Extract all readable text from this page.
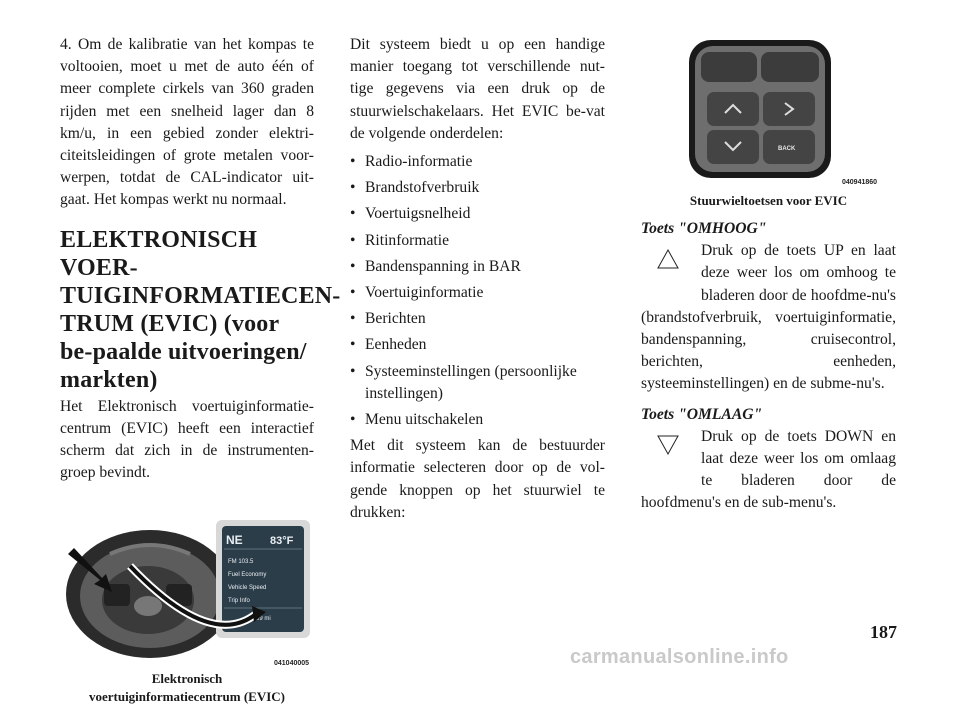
4. Om de kalibratie van het kompas te voltooien, moet u met de auto één of meer complete cirkels van 360 graden rijden met een snelheid lager dan 8 km/u, in een gebied zonder elektri-citeitsleidingen of grote metalen voor-werpen, totdat de CAL-indicator uit-gaat. Het kompas werkt nu normaal.

ELEKTRONISCH VOER-TUIGINFORMATIECEN-TRUM (EVIC) (voor be-paalde uitvoeringen/ markten)

Het Elektronisch voertuiginformatie-centrum (EVIC) heeft een interactief scherm dat zich in de instrumenten-groep bevindt.

NE 83°F
FM 103.5
Fuel Economy
Vehicle Speed
Trip Info
58789 mi
041040005
Elektronisch
voertuiginformatiecentrum (EVIC)

Dit systeem biedt u op een handige manier toegang tot verschillende nut-tige gegevens via een druk op de stuurwielschakelaars. Het EVIC be-vat de volgende onderdelen:

• Radio-informatie
• Brandstofverbruik
• Voertuigsnelheid
• Ritinformatie
• Bandenspanning in BAR
• Voertuiginformatie
• Berichten
• Eenheden
• Systeeminstellingen (persoonlijke instellingen)
• Menu uitschakelen

Met dit systeem kan de bestuurder informatie selecteren door op de vol-gende knoppen op het stuurwiel te drukken:

BACK
040941860
Stuurwieltoetsen voor EVIC
Toets "OMHOOG"

Druk op de toets UP en laat deze weer los om omhoog te bladeren door de hoofdme-nu's (brandstofverbruik, voertuiginformatie, bandenspanning, cruisecontrol, berichten, eenheden, systeeminstellingen) en de subme-nu's.

Toets "OMLAAG"

Druk op de toets DOWN en laat deze weer los om omlaag te bladeren door de hoofdmenu's en de sub-menu's.

187
carmanualsonline.info
